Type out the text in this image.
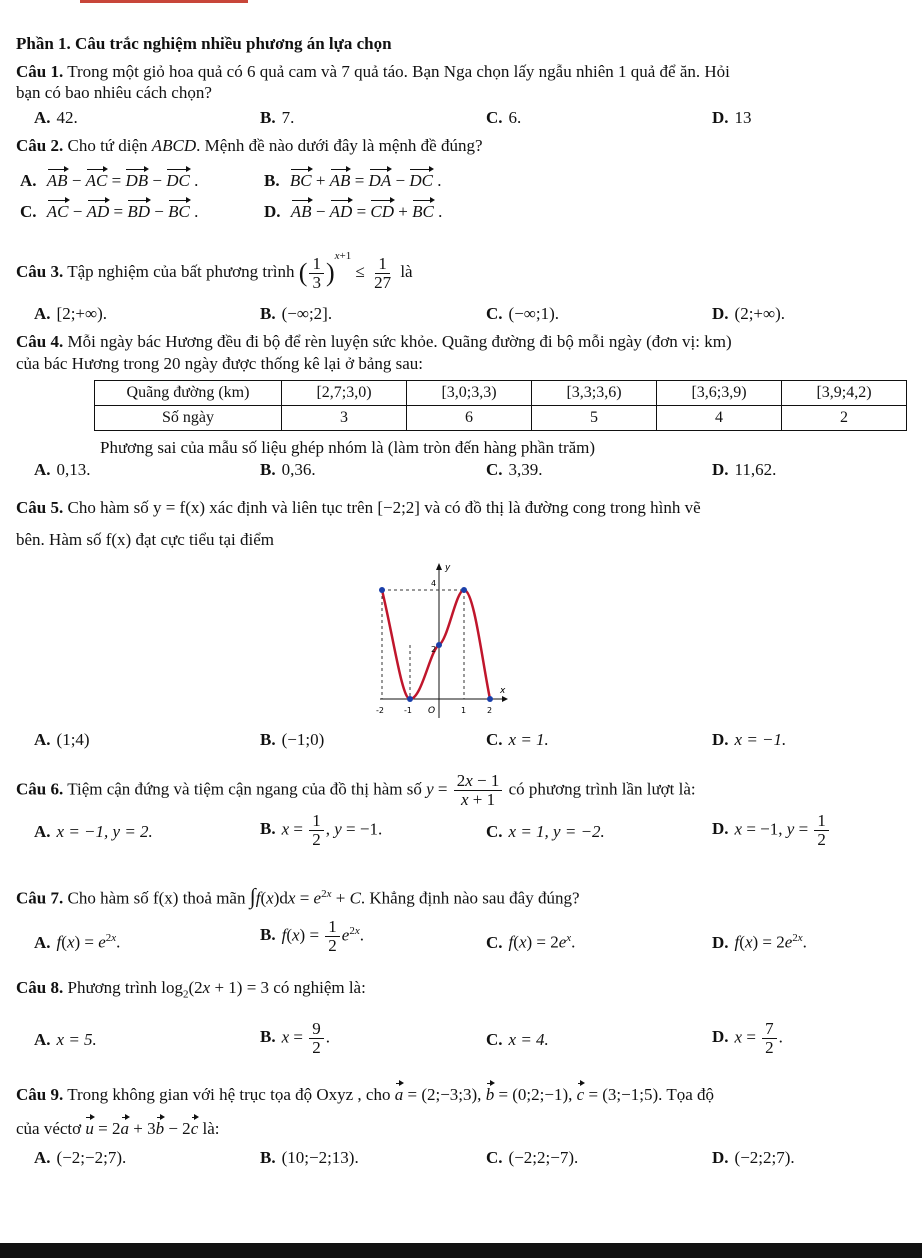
Phần 1. Câu trắc nghiệm nhiều phương án lựa chọn
Câu 1. Trong một giỏ hoa quả có 6 quả cam và 7 quả táo. Bạn Nga chọn lấy ngẫu nhiên 1 quả để ăn. Hỏi
bạn có bao nhiêu cách chọn?
A. 42.	B. 7.	C. 6.	D. 13
Câu 2. Cho tứ diện ABCD. Mệnh đề nào dưới đây là mệnh đề đúng?
A. AB − AC = DB − DC .	B. BC + AB = DA − DC .
C. AC − AD = BD − BC .	D. AB − AD = CD + BC .
Câu 3. Tập nghiệm của bất phương trình ( $\frac{1}{3} )^{x+1} \le \frac{1}{27}$ là
A. [2;+∞).	B. (−∞;2].	C. (−∞;1).	D. (2;+∞).
Câu 4. Mỗi ngày bác Hương đều đi bộ để rèn luyện sức khỏe. Quãng đường đi bộ mỗi ngày (đơn vị: km)
của bác Hương trong 20 ngày được thống kê lại ở bảng sau:
Quãng đường (km)	[2,7;3,0)	[3,0;3,3)	[3,3;3,6)	[3,6;3,9)	[3,9;4,2)
Số ngày	3	6	5	4	2
Phương sai của mẫu số liệu ghép nhóm là (làm tròn đến hàng phần trăm)
A. 0,13.	B. 0,36.	C. 3,39.	D. 11,62.
Câu 5. Cho hàm số y = f(x) xác định và liên tục trên [−2;2] và có đồ thị là đường cong trong hình vẽ
bên. Hàm số f(x) đạt cực tiểu tại điểm
y
x
O
-2	-1	1	2
4
2
A. (1;4)	B. (−1;0)	C. x = 1.	D. x = −1.
Câu 6. Tiệm cận đứng và tiệm cận ngang của đồ thị hàm số $y = \frac{2x - 1}{x + 1}$ có phương trình lần lượt là:
A. x = −1, y = 2.	B. $x = \frac{1}{2}$ , y = −1.	C. x = 1, y = −2.	D. x = −1, $y = \frac{1}{2}$
Câu 7. Cho hàm số f(x) thoả mãn $\int f(x)dx = e^{2x} + C$. Khẳng định nào sau đây đúng?
A. $f(x) = e^{2x}$.	B. $f(x) = \frac{1}{2} e^{2x}$.	C. $f(x) = 2e^x$.	D. $f(x) = 2e^{2x}$.
Câu 8. Phương trình $\log_2(2x + 1) = 3$ có nghiệm là:
A. x = 5.	B. $x = \frac{9}{2}$ .	C. x = 4.	D. $x = \frac{7}{2}$ .
Câu 9. Trong không gian với hệ trục tọa độ Oxyz , cho a = (2;−3;3), b = (0;2;−1), c = (3;−1;5). Tọa độ
của véctơ u = 2a + 3b − 2c là:
A. (−2;−2;7).	B. (10;−2;13).	C. (−2;2;−7).	D. (−2;2;7).
